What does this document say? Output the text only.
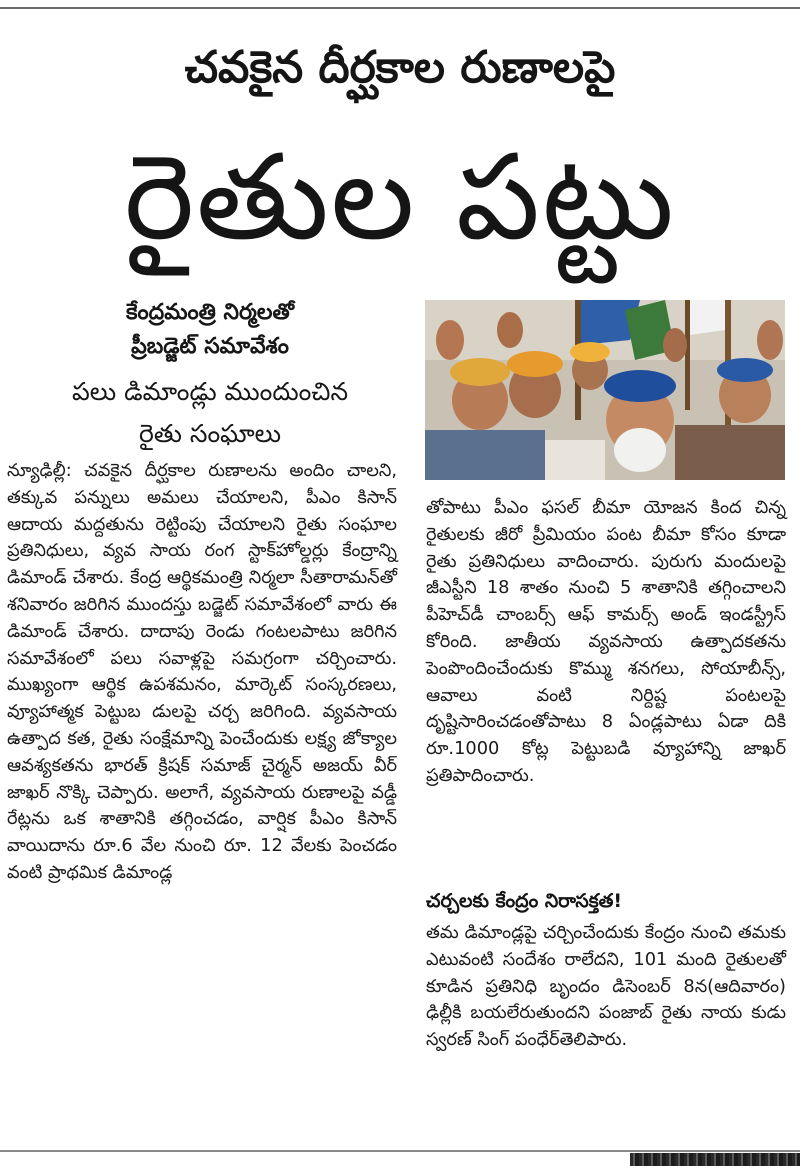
చవకైన దీర్ఘకాల రుణాలపై
రైతుల పట్టు
కేంద్రమంత్రి నిర్మలతో
ప్రీబడ్జెట్ సమావేశం
పలు డిమాండ్లు ముందుంచిన
రైతు సంఘాలు

న్యూఢిల్లీ: చవకైన దీర్ఘకాల రుణాలను అందిం చాలని, తక్కువ పన్నులు అమలు చేయాలని, పీఎం కిసాన్ ఆదాయ మద్దతును రెట్టింపు చేయాలని రైతు సంఘాల ప్రతినిధులు, వ్యవ సాయ రంగ స్టాక్‌హోల్డర్లు కేంద్రాన్ని డిమాండ్ చేశారు. కేంద్ర ఆర్థికమంత్రి నిర్మలా సీతారామన్‌తో శనివారం జరిగిన ముందస్తు బడ్జెట్ సమావేశంలో వారు ఈ డిమాండ్ చేశారు. దాదాపు రెండు గంటలపాటు జరిగిన సమావేశంలో పలు సవాళ్లపై సమగ్రంగా చర్చించారు. ముఖ్యంగా ఆర్థిక ఉపశమనం, మార్కెట్ సంస్కరణలు, వ్యూహాత్మక పెట్టుబ డులపై చర్చ జరిగింది. వ్యవసాయ ఉత్పాద కత, రైతు సంక్షేమాన్ని పెంచేందుకు లక్ష్య జోక్యాల ఆవశ్యకతను భారత్ క్రిషక్ సమాజ్ చైర్మన్ అజయ్ వీర్ జాఖర్ నొక్కి చెప్పారు. అలాగే, వ్యవసాయ రుణాలపై వడ్డీ రేట్లను ఒక శాతానికి తగ్గించడం, వార్షిక పీఎం కిసాన్ వాయిదాను రూ.6 వేల నుంచి రూ. 12 వేలకు పెంచడం వంటి ప్రాథమిక డిమాండ్ల

తోపాటు పీఎం ఫసల్ బీమా యోజన కింద చిన్న రైతులకు జీరో ప్రీమియం పంట బీమా కోసం కూడా రైతు ప్రతినిధులు వాదించారు. పురుగు మందులపై జీఎస్టీని 18 శాతం నుంచి 5 శాతానికి తగ్గించాలని పీహెచ్‌డీ చాంబర్స్ ఆఫ్ కామర్స్ అండ్ ఇండస్ట్రీస్ కోరింది. జాతీయ వ్యవసాయ ఉత్పాదకతను పెంపొందించేందుకు కొమ్ము శనగలు, సోయాబీన్స్, ఆవాలు వంటి నిర్దిష్ట పంటలపై దృష్టిసారించడంతోపాటు 8 ఏండ్లపాటు ఏడా దికి రూ.1000 కోట్ల పెట్టుబడి వ్యూహాన్ని జాఖర్ ప్రతిపాదించారు.

చర్చలకు కేంద్రం నిరాసక్తత!

తమ డిమాండ్లపై చర్చించేందుకు కేంద్రం నుంచి తమకు ఎటువంటి సందేశం రాలేదని, 101 మంది రైతులతో కూడిన ప్రతినిధి బృందం డిసెంబర్ 8న(ఆదివారం) ఢిల్లీకి బయలేరుతుందని పంజాబ్ రైతు నాయ కుడు స్వరణ్ సింగ్ పంధేర్‌తెలిపారు.
